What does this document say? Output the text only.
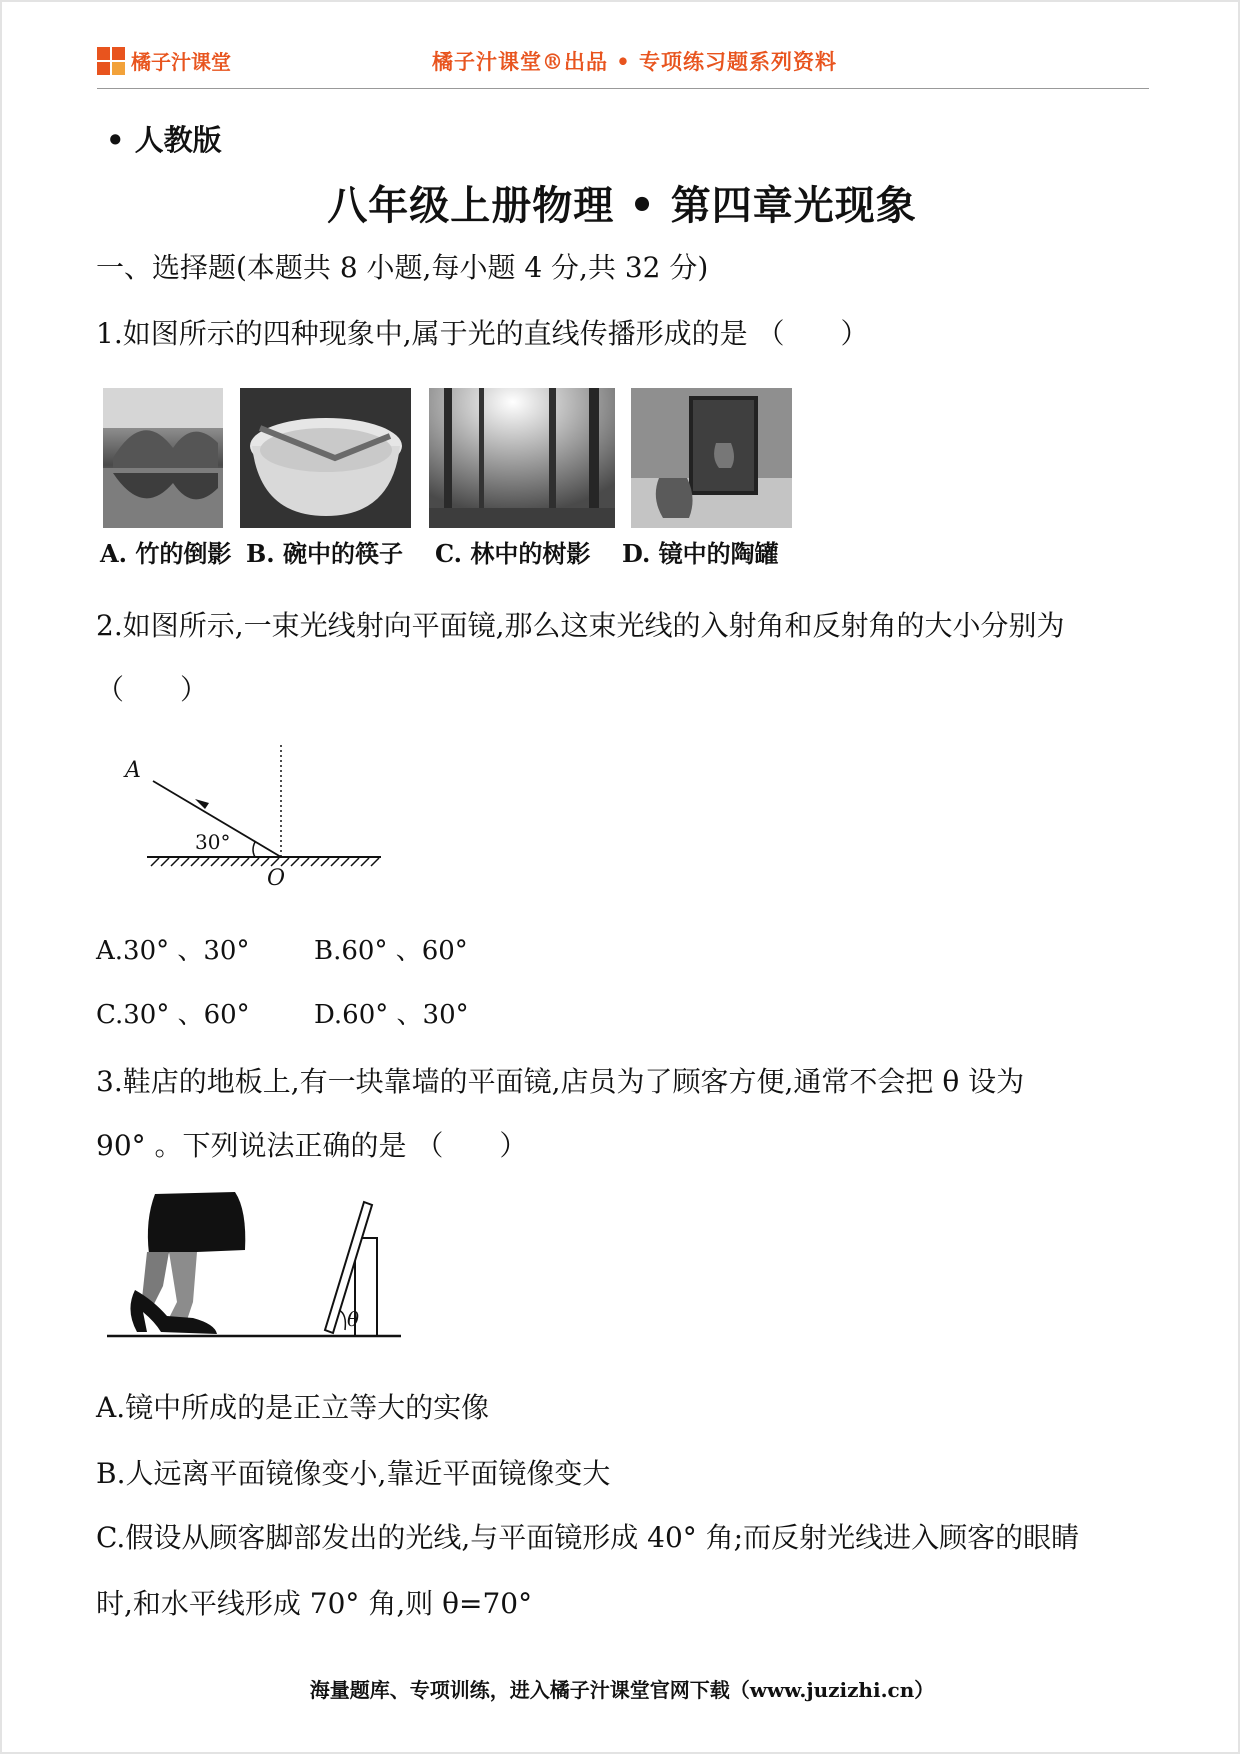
橘子汁课堂	橘子汁课堂®出品 • 专项练习题系列资料
• 人教版
八年级上册物理 • 第四章光现象
一、选择题(本题共 8 小题,每小题 4 分,共 32 分)
1.如图所示的四种现象中,属于光的直线传播形成的是 （　　）
A. 竹的倒影 B. 碗中的筷子 C. 林中的树影 D. 镜中的陶罐
2.如图所示,一束光线射向平面镜,那么这束光线的入射角和反射角的大小分别为
（　　）
A
30°
O
A.30° 、30° B.60° 、60°
C.30° 、60° D.60° 、30°
3.鞋店的地板上,有一块靠墙的平面镜,店员为了顾客方便,通常不会把 θ 设为
90° 。下列说法正确的是 （　　）
θ
A.镜中所成的是正立等大的实像
B.人远离平面镜像变小,靠近平面镜像变大
C.假设从顾客脚部发出的光线,与平面镜形成 40° 角;而反射光线进入顾客的眼睛
时,和水平线形成 70° 角,则 θ=70°
海量题库、专项训练，进入橘子汁课堂官网下载（www.juzizhi.cn）
